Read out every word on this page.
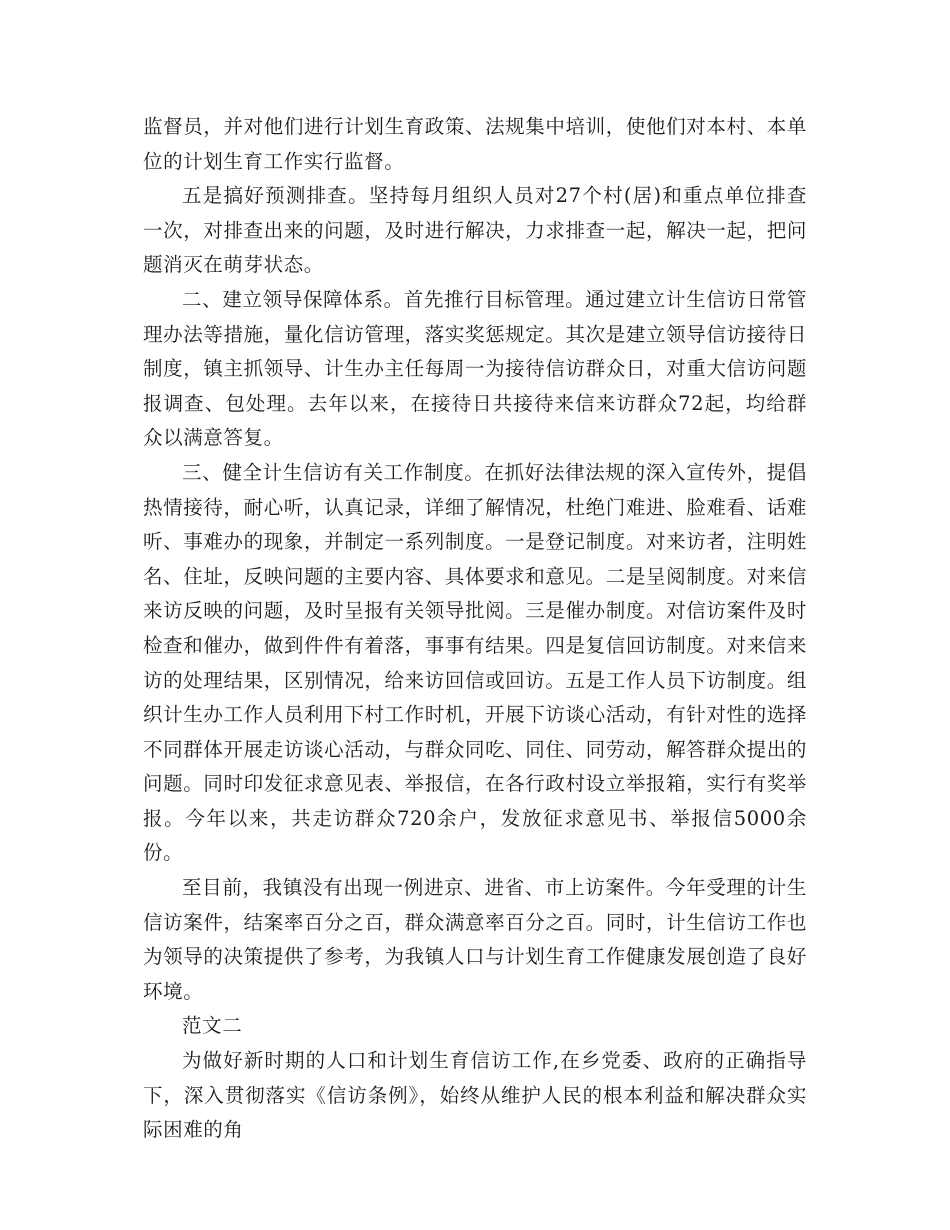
监督员，并对他们进行计划生育政策、法规集中培训，使他们对本村、本单位的计划生育工作实行监督。

五是搞好预测排查。坚持每月组织人员对27个村(居)和重点单位排查一次，对排查出来的问题，及时进行解决，力求排查一起，解决一起，把问题消灭在萌芽状态。

二、建立领导保障体系。首先推行目标管理。通过建立计生信访日常管理办法等措施，量化信访管理，落实奖惩规定。其次是建立领导信访接待日制度，镇主抓领导、计生办主任每周一为接待信访群众日，对重大信访问题报调查、包处理。去年以来，在接待日共接待来信来访群众72起，均给群众以满意答复。

三、健全计生信访有关工作制度。在抓好法律法规的深入宣传外，提倡热情接待，耐心听，认真记录，详细了解情况，杜绝门难进、脸难看、话难听、事难办的现象，并制定一系列制度。一是登记制度。对来访者，注明姓名、住址，反映问题的主要内容、具体要求和意见。二是呈阅制度。对来信来访反映的问题，及时呈报有关领导批阅。三是催办制度。对信访案件及时检查和催办，做到件件有着落，事事有结果。四是复信回访制度。对来信来访的处理结果，区别情况，给来访回信或回访。五是工作人员下访制度。组织计生办工作人员利用下村工作时机，开展下访谈心活动，有针对性的选择不同群体开展走访谈心活动，与群众同吃、同住、同劳动，解答群众提出的问题。同时印发征求意见表、举报信，在各行政村设立举报箱，实行有奖举报。今年以来，共走访群众720余户，发放征求意见书、举报信5000余份。

至目前，我镇没有出现一例进京、进省、市上访案件。今年受理的计生信访案件，结案率百分之百，群众满意率百分之百。同时，计生信访工作也为领导的决策提供了参考，为我镇人口与计划生育工作健康发展创造了良好环境。

范文二

为做好新时期的人口和计划生育信访工作,在乡党委、政府的正确指导下，深入贯彻落实《信访条例》，始终从维护人民的根本利益和解决群众实际困难的角
